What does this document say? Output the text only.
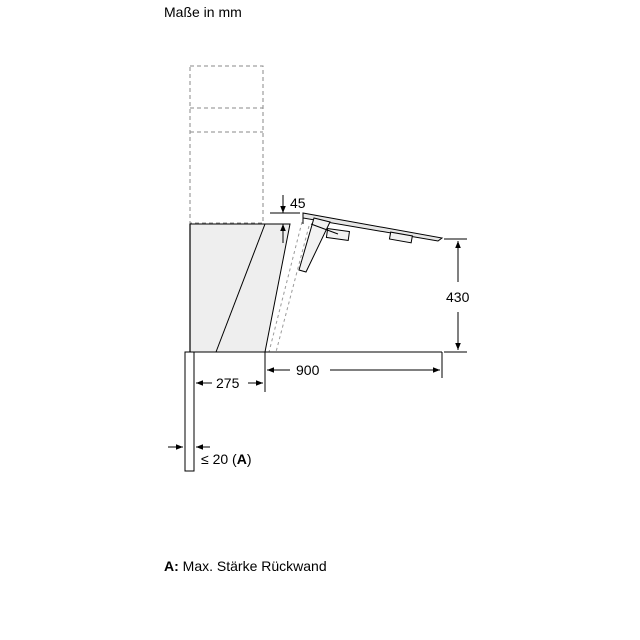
Maße in mm
45
430
900
275
≤ 20 (A)
A: Max. Stärke Rückwand
